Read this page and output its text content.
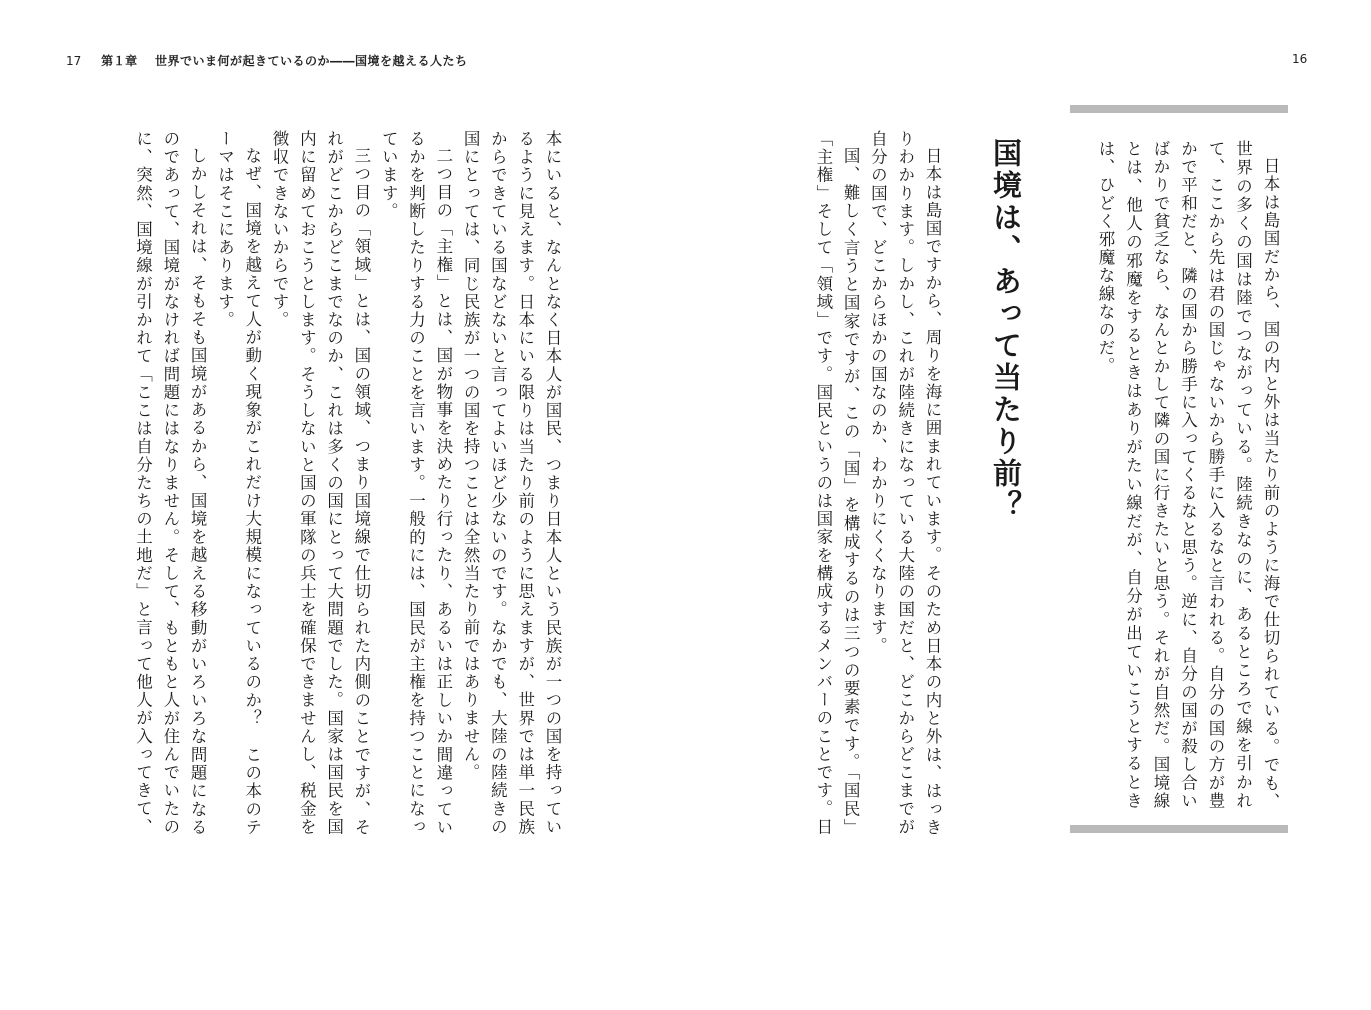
17 第１章 世界でいま何が起きているのか――国境を越える人たち	16

日本は島国だから、国の内と外は当たり前のように海で仕切られている。でも、世界の多くの国は陸でつながっている。陸続きなのに、あるところで線を引かれて、ここから先は君の国じゃないから勝手に入るなと言われる。自分の国の方が豊かで平和だと、隣の国から勝手に入ってくるなと思う。逆に、自分の国が殺し合いばかりで貧乏なら、なんとかして隣の国に行きたいと思う。それが自然だ。国境線とは、他人の邪魔をするときはありがたい線だが、自分が出ていこうとするときは、ひどく邪魔な線なのだ。

国境は、あって当たり前？

日本は島国ですから、周りを海に囲まれています。そのため日本の内と外は、はっきりわかります。しかし、これが陸続きになっている大陸の国だと、どこからどこまでが自分の国で、どこからほかの国なのか、わかりにくくなります。

国、難しく言うと国家ですが、この「国」を構成するのは三つの要素です。「国民」「主権」そして「領域」です。国民というのは国家を構成するメンバーのことです。日

本にいると、なんとなく日本人が国民、つまり日本人という民族が一つの国を持っているように見えます。日本にいる限りは当たり前のように思えますが、世界では単一民族からできている国などないと言ってよいほど少ないのです。なかでも、大陸の陸続きの国にとっては、同じ民族が一つの国を持つことは全然当たり前ではありません。

二つ目の「主権」とは、国が物事を決めたり行ったり、あるいは正しいか間違っているかを判断したりする力のことを言います。一般的には、国民が主権を持つことになっています。

三つ目の「領域」とは、国の領域、つまり国境線で仕切られた内側のことですが、それがどこからどこまでなのか、これは多くの国にとって大問題でした。国家は国民を国内に留めておこうとします。そうしないと国の軍隊の兵士を確保できませんし、税金を徴収できないからです。

なぜ、国境を越えて人が動く現象がこれだけ大規模になっているのか？　この本のテーマはそこにあります。

しかしそれは、そもそも国境があるから、国境を越える移動がいろいろな問題になるのであって、国境がなければ問題にはなりません。そして、もともと人が住んでいたのに、突然、国境線が引かれて「ここは自分たちの土地だ」と言って他人が入ってきて、
